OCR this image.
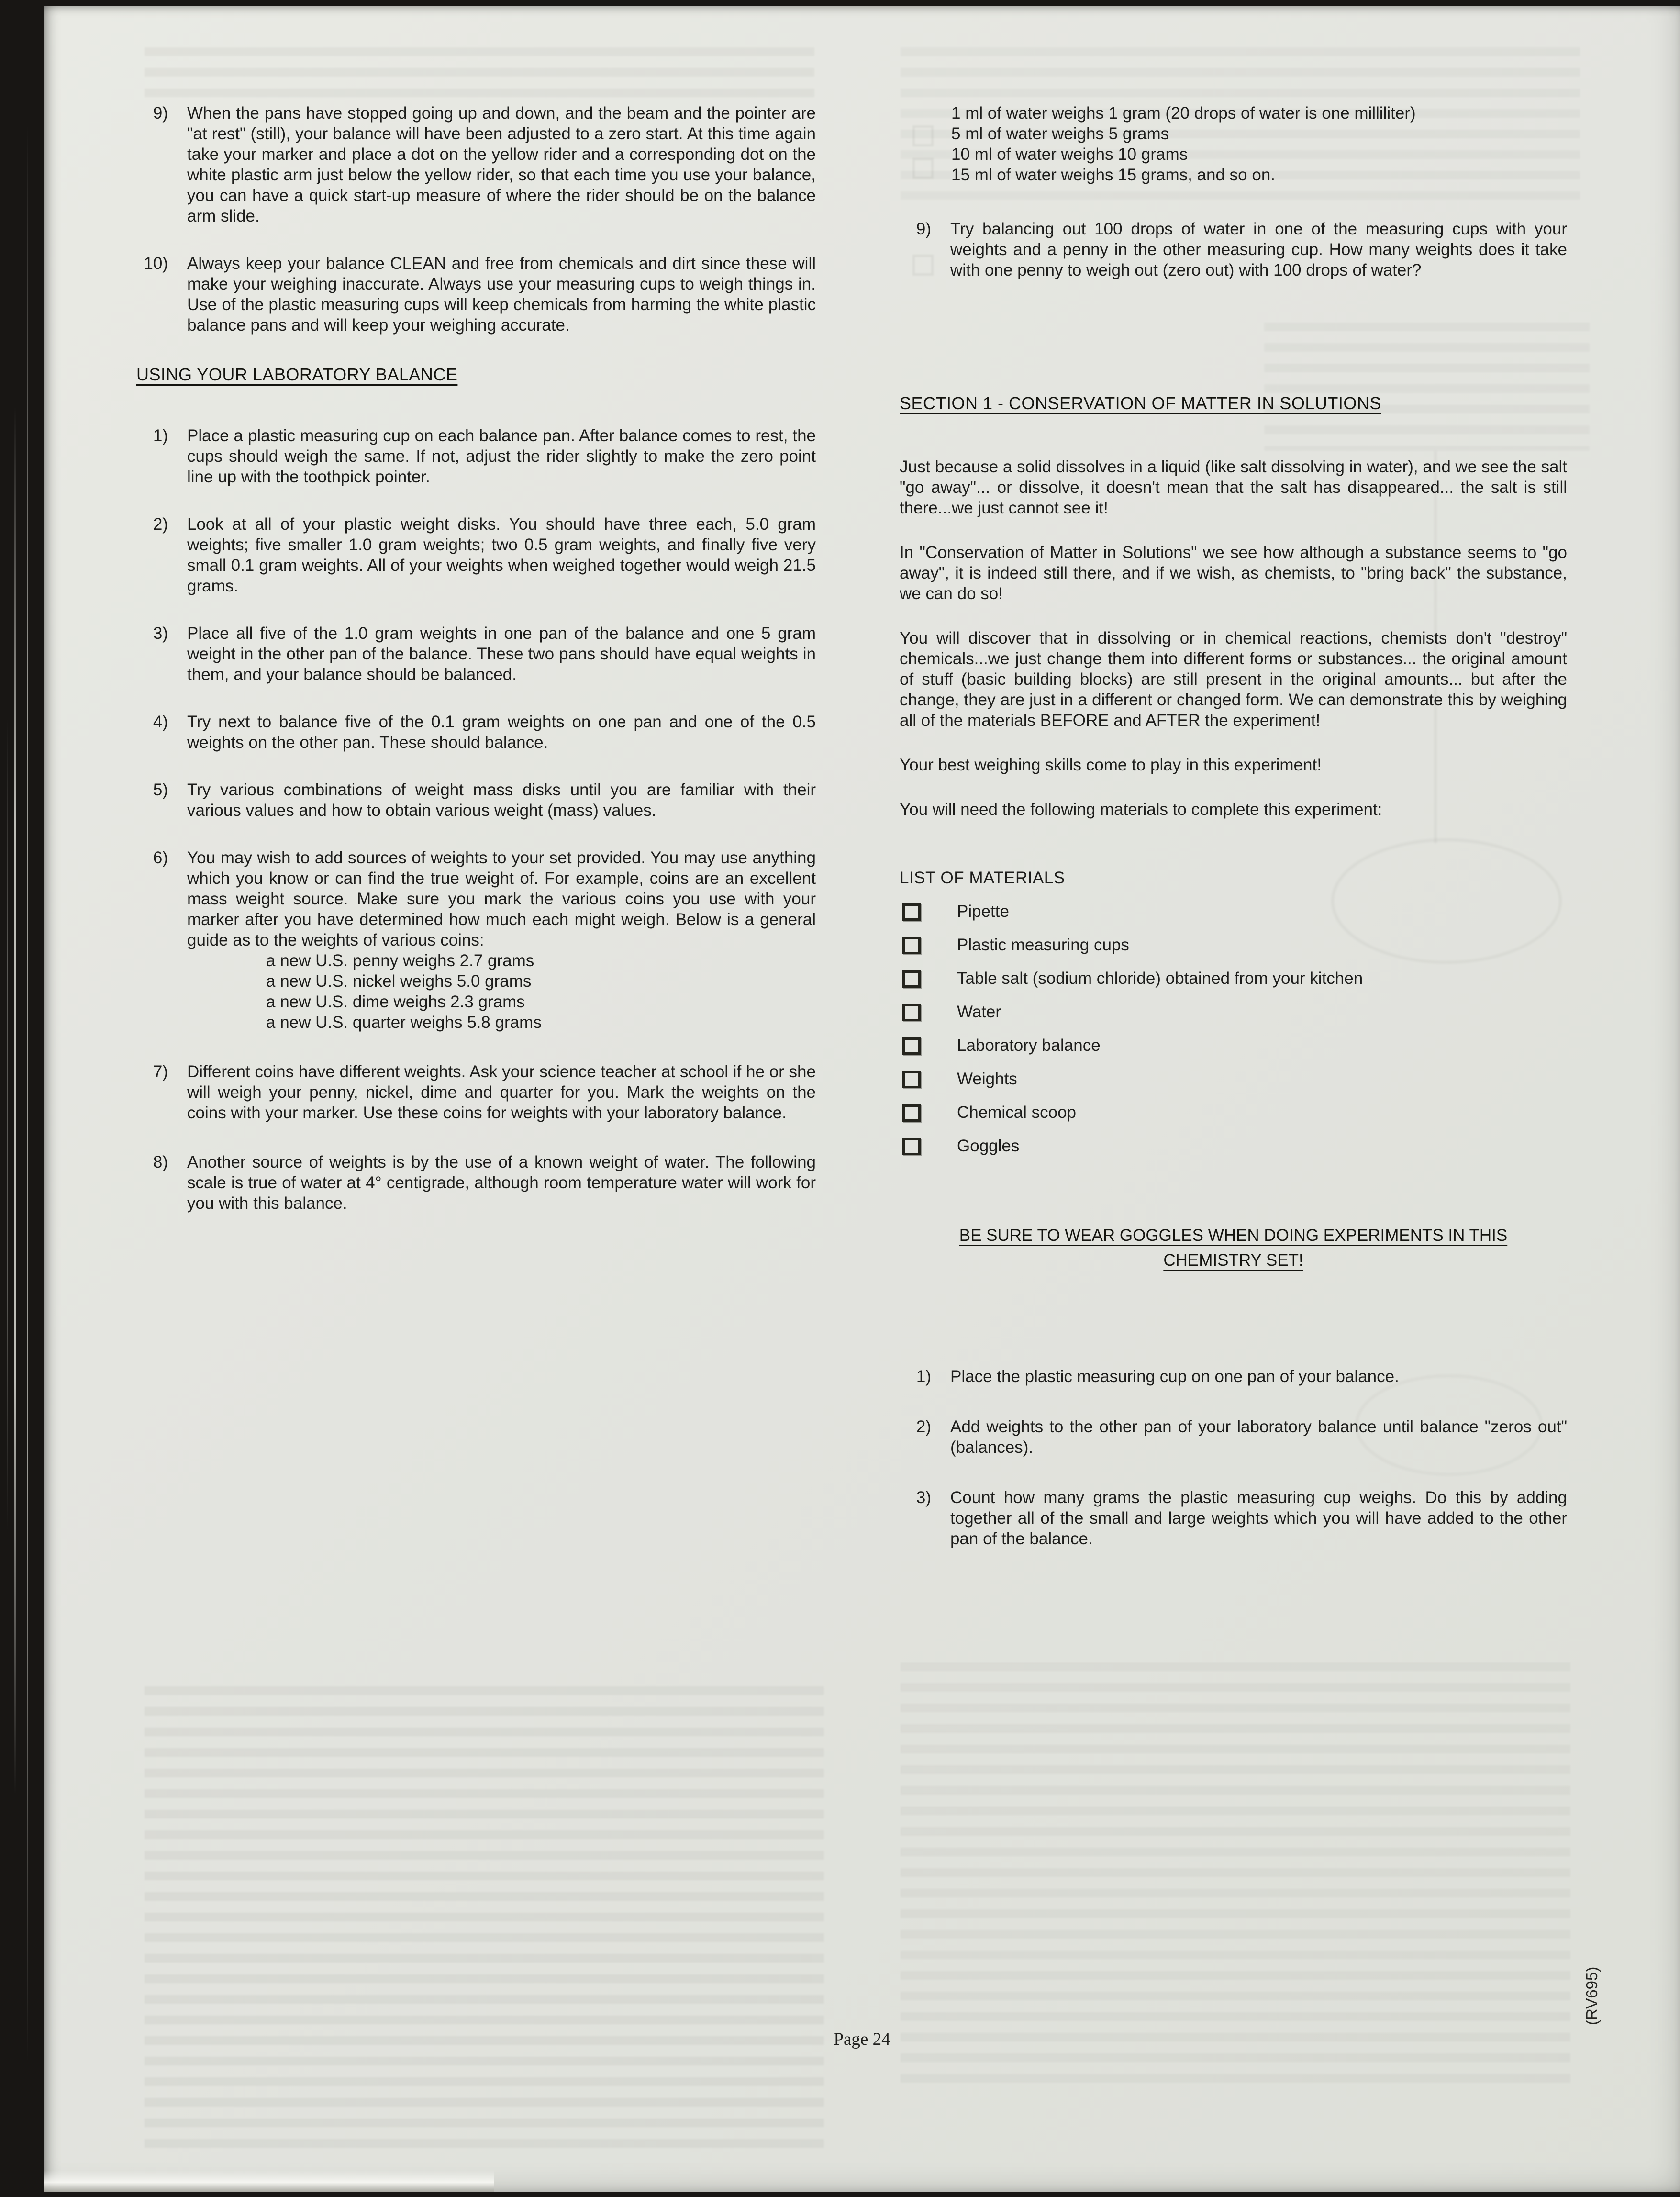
9) When the pans have stopped going up and down, and the beam and the pointer are "at rest" (still), your balance will have been adjusted to a zero start. At this time again take your marker and place a dot on the yellow rider and a corresponding dot on the white plastic arm just below the yellow rider, so that each time you use your balance, you can have a quick start-up measure of where the rider should be on the balance arm slide.
10) Always keep your balance CLEAN and free from chemicals and dirt since these will make your weighing inaccurate. Always use your measuring cups to weigh things in. Use of the plastic measuring cups will keep chemicals from harming the white plastic balance pans and will keep your weighing accurate.
USING YOUR LABORATORY BALANCE
1) Place a plastic measuring cup on each balance pan. After balance comes to rest, the cups should weigh the same. If not, adjust the rider slightly to make the zero point line up with the toothpick pointer.
2) Look at all of your plastic weight disks. You should have three each, 5.0 gram weights; five smaller 1.0 gram weights; two 0.5 gram weights, and finally five very small 0.1 gram weights. All of your weights when weighed together would weigh 21.5 grams.
3) Place all five of the 1.0 gram weights in one pan of the balance and one 5 gram weight in the other pan of the balance. These two pans should have equal weights in them, and your balance should be balanced.
4) Try next to balance five of the 0.1 gram weights on one pan and one of the 0.5 weights on the other pan. These should balance.
5) Try various combinations of weight mass disks until you are familiar with their various values and how to obtain various weight (mass) values.
6) You may wish to add sources of weights to your set provided. You may use anything which you know or can find the true weight of. For example, coins are an excellent mass weight source. Make sure you mark the various coins you use with your marker after you have determined how much each might weigh. Below is a general guide as to the weights of various coins:
a new U.S. penny weighs 2.7 grams
a new U.S. nickel weighs 5.0 grams
a new U.S. dime weighs 2.3 grams
a new U.S. quarter weighs 5.8 grams
7) Different coins have different weights. Ask your science teacher at school if he or she will weigh your penny, nickel, dime and quarter for you. Mark the weights on the coins with your marker. Use these coins for weights with your laboratory balance.
8) Another source of weights is by the use of a known weight of water. The following scale is true of water at 4° centigrade, although room temperature water will work for you with this balance.
1 ml of water weighs 1 gram (20 drops of water is one milliliter)
5 ml of water weighs 5 grams
10 ml of water weighs 10 grams
15 ml of water weighs 15 grams, and so on.
9) Try balancing out 100 drops of water in one of the measuring cups with your weights and a penny in the other measuring cup. How many weights does it take with one penny to weigh out (zero out) with 100 drops of water?
SECTION 1 - CONSERVATION OF MATTER IN SOLUTIONS
Just because a solid dissolves in a liquid (like salt dissolving in water), and we see the salt "go away"... or dissolve, it doesn't mean that the salt has disappeared... the salt is still there...we just cannot see it!
In "Conservation of Matter in Solutions" we see how although a substance seems to "go away", it is indeed still there, and if we wish, as chemists, to "bring back" the substance, we can do so!
You will discover that in dissolving or in chemical reactions, chemists don't "destroy" chemicals...we just change them into different forms or substances... the original amount of stuff (basic building blocks) are still present in the original amounts... but after the change, they are just in a different or changed form. We can demonstrate this by weighing all of the materials BEFORE and AFTER the experiment!
Your best weighing skills come to play in this experiment!
You will need the following materials to complete this experiment:
LIST OF MATERIALS
Pipette
Plastic measuring cups
Table salt (sodium chloride) obtained from your kitchen
Water
Laboratory balance
Weights
Chemical scoop
Goggles
BE SURE TO WEAR GOGGLES WHEN DOING EXPERIMENTS IN THIS CHEMISTRY SET!
1) Place the plastic measuring cup on one pan of your balance.
2) Add weights to the other pan of your laboratory balance until balance "zeros out" (balances).
3) Count how many grams the plastic measuring cup weighs. Do this by adding together all of the small and large weights which you will have added to the other pan of the balance.
Page 24
(RV695)
